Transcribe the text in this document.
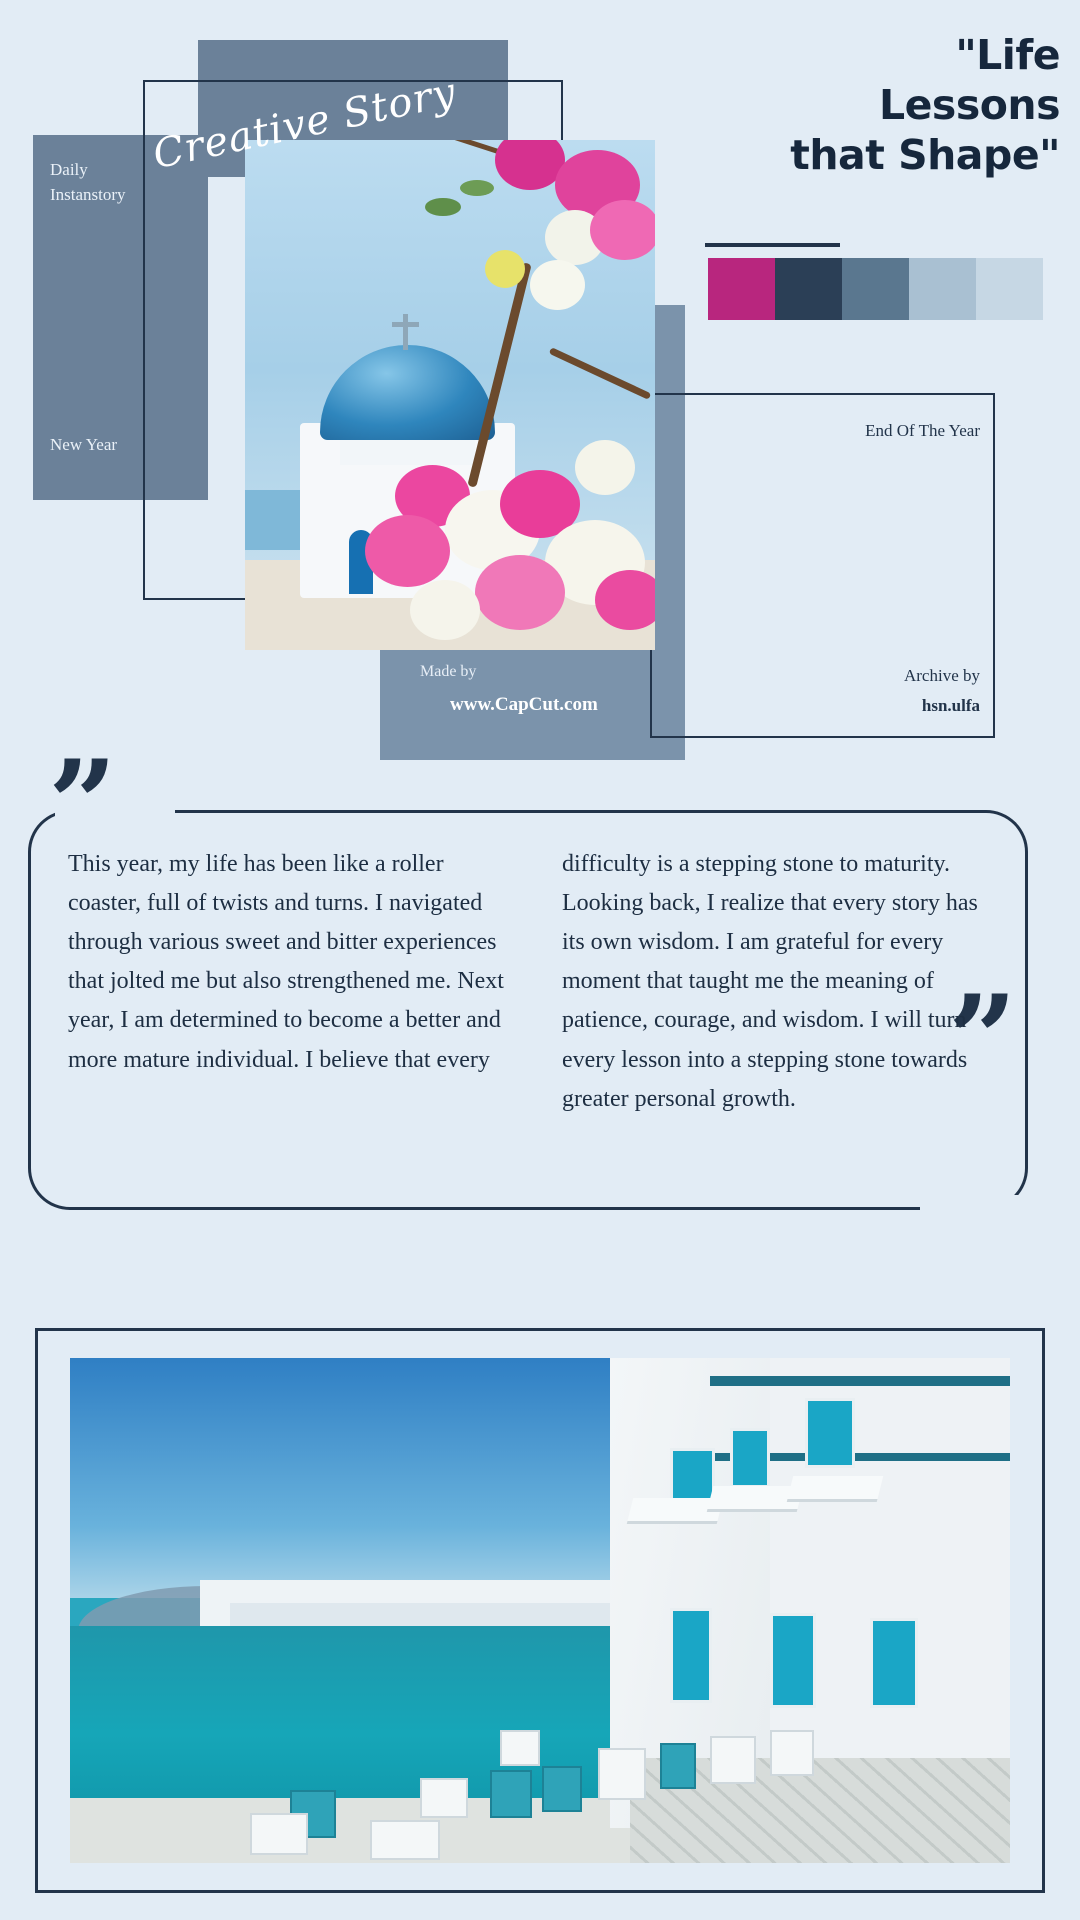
Daily Instanstory
New Year
Creative Story
Made by
www.CapCut.com
End Of The Year
Archive by
hsn.ulfa
"Life
Lessons
that Shape"
”
”

This year, my life has been like a roller coaster, full of twists and turns. I navigated through various sweet and bitter experiences that jolted me but also strengthened me. Next year, I am determined to become a better and more mature individual. I believe that every

difficulty is a stepping stone to maturity. Looking back, I realize that every story has its own wisdom. I am grateful for every moment that taught me the meaning of patience, courage, and wisdom. I will turn every lesson into a stepping stone towards greater personal growth.
